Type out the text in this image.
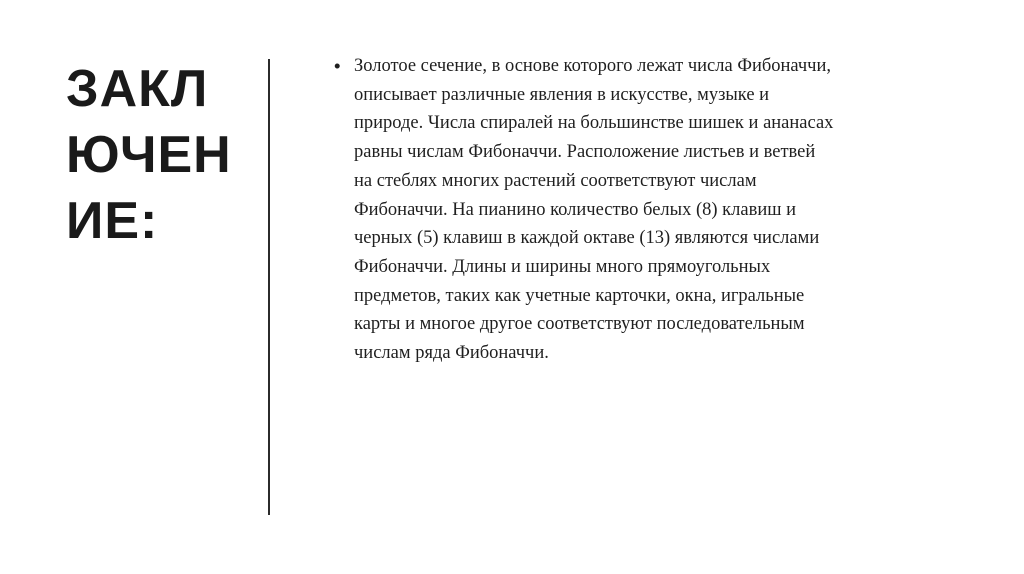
ЗАКЛ
ЮЧЕН
ИЕ:
• Золотое сечение, в основе которого лежат числа Фибоначчи,
описывает различные явления в искусстве, музыке и
природе. Числа спиралей на большинстве шишек и ананасах
равны числам Фибоначчи. Расположение листьев и ветвей
на стеблях многих растений соответствуют числам
Фибоначчи. На пианино количество белых (8) клавиш и
черных (5) клавиш в каждой октаве (13) являются числами
Фибоначчи. Длины и ширины много прямоугольных
предметов, таких как учетные карточки, окна, игральные
карты и многое другое соответствуют последовательным
числам ряда Фибоначчи.
